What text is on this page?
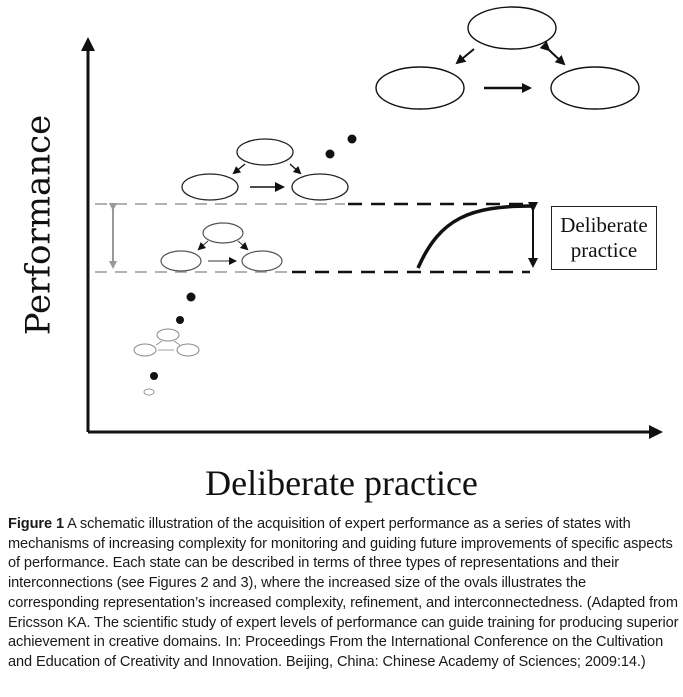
Performance
Deliberate practice
Deliberate
practice
Figure 1 A schematic illustration of the acquisition of expert performance as a series of states with mechanisms of increasing complexity for monitoring and guiding future improvements of specific aspects of performance. Each state can be described in terms of three types of representations and their interconnections (see Figures 2 and 3), where the increased size of the ovals illustrates the corresponding representation’s increased complexity, refinement, and interconnectedness. (Adapted from Ericsson KA. The scientific study of expert levels of performance can guide training for producing superior achievement in creative domains. In: Proceedings From the International Conference on the Cultivation and Education of Creativity and Innovation. Beijing, China: Chinese Academy of Sciences; 2009:14.)
